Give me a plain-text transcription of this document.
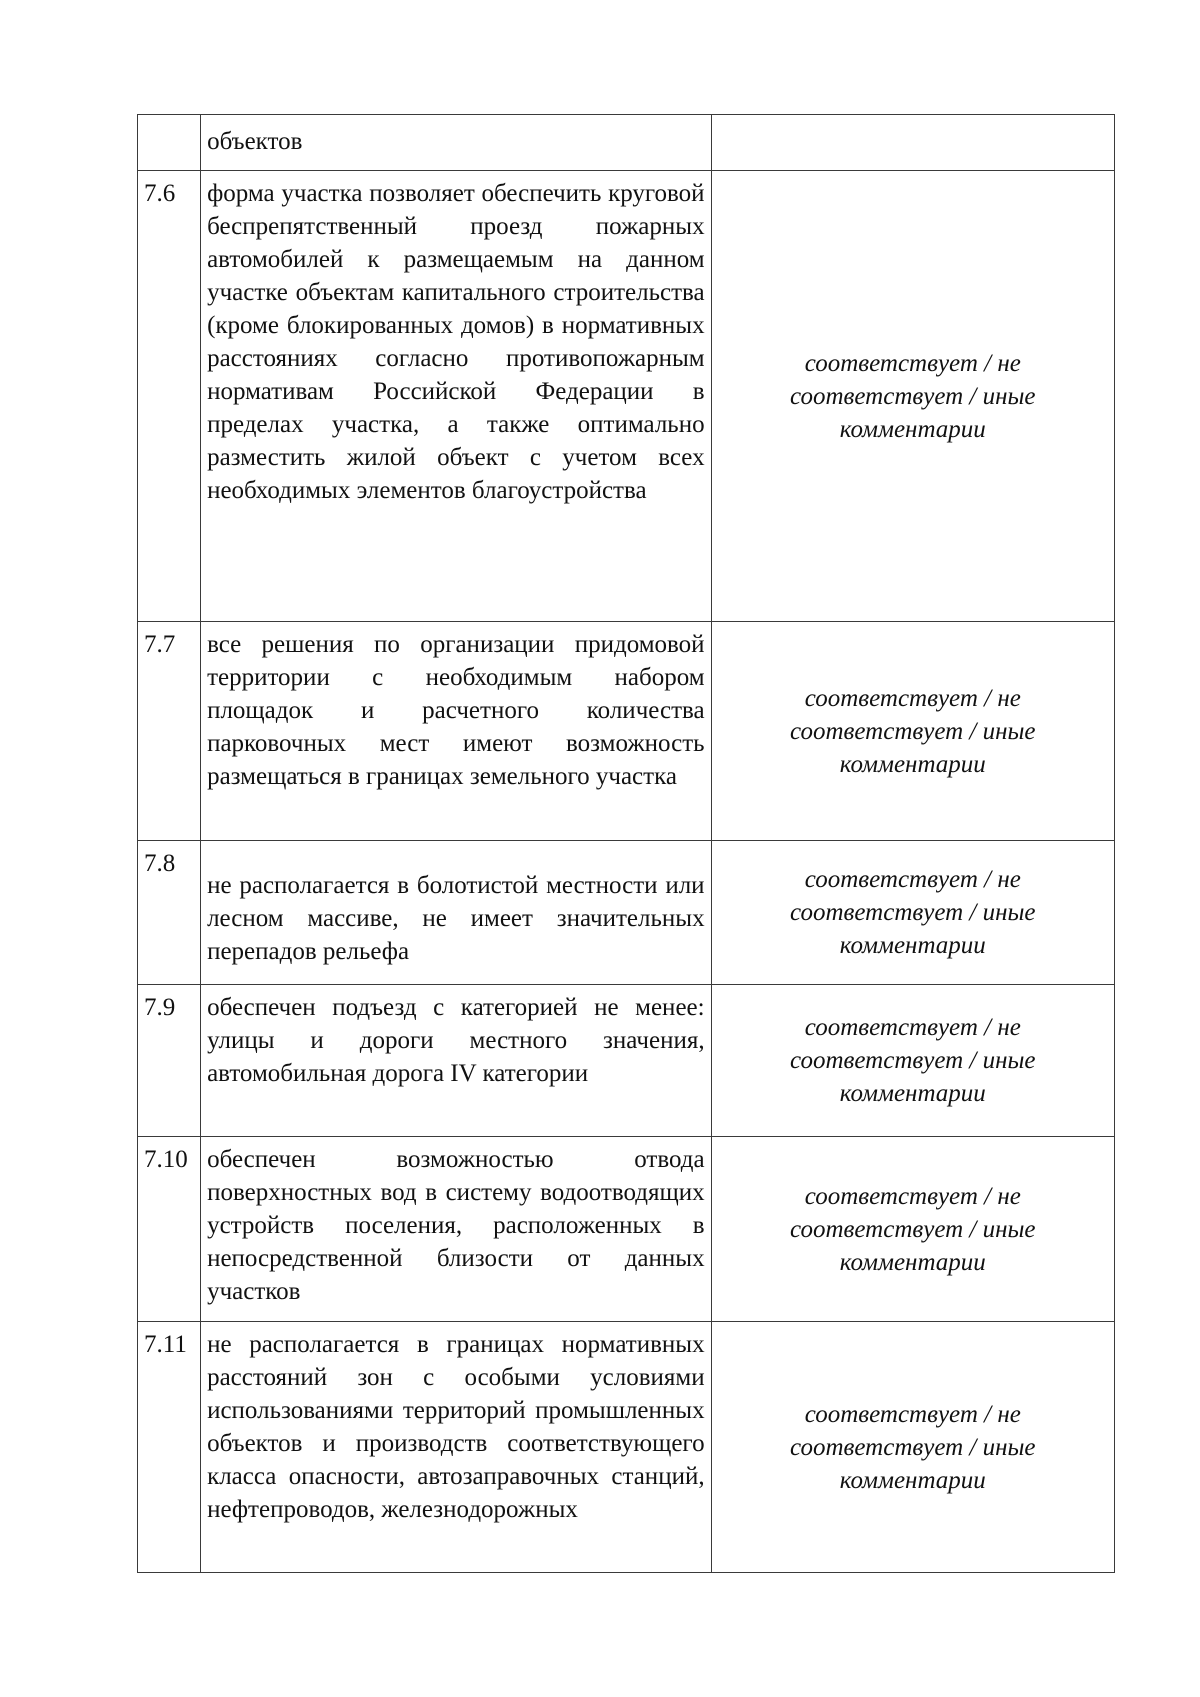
	объектов	

7.6	форма участка позволяет обеспечить круговой беспрепятственный проезд пожарных автомобилей к размещаемым на данном участке объектам капитального строительства (кроме блокированных домов) в нормативных расстояниях согласно противопожарным нормативам Российской Федерации в пределах участка, а также оптимально разместить жилой объект с учетом всех необходимых элементов благоустройства	соответствует / не соответствует / иные комментарии

7.7	все решения по организации придомовой территории с необходимым набором площадок и расчетного количества парковочных мест имеют возможность размещаться в границах земельного участка	соответствует / не соответствует / иные комментарии

7.8	не располагается в болотистой местности или лесном массиве, не имеет значительных перепадов рельефа	соответствует / не соответствует / иные комментарии

7.9	обеспечен подъезд с категорией не менее: улицы и дороги местного значения, автомобильная дорога IV категории	соответствует / не соответствует / иные комментарии

7.10	обеспечен возможностью отвода поверхностных вод в систему водоотводящих устройств поселения, расположенных в непосредственной близости от данных участков	соответствует / не соответствует / иные комментарии

7.11	не располагается в границах нормативных расстояний зон с особыми условиями использованиями территорий промышленных объектов и производств соответствующего класса опасности, автозаправочных станций, нефтепроводов, железнодорожных	соответствует / не соответствует / иные комментарии
